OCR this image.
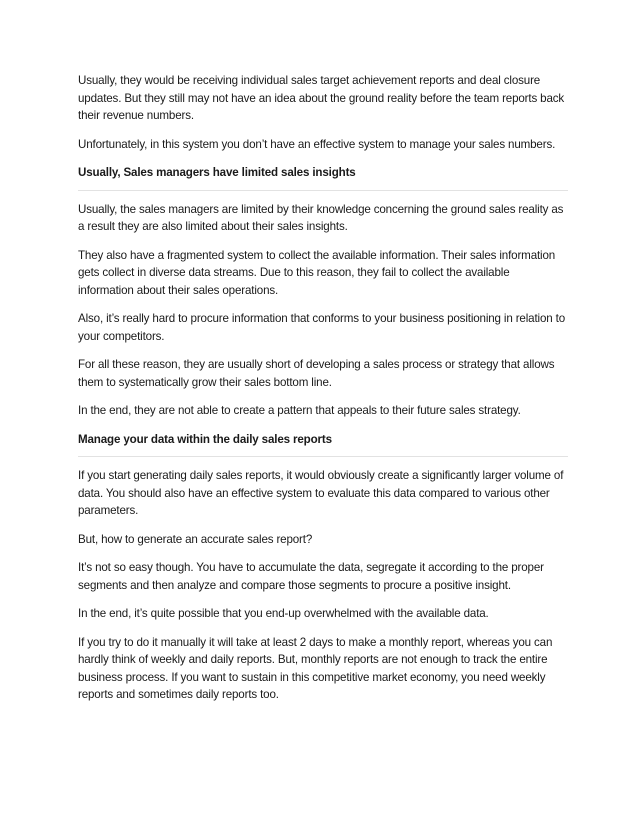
Usually, they would be receiving individual sales target achievement reports and deal closure updates. But they still may not have an idea about the ground reality before the team reports back their revenue numbers.

Unfortunately, in this system you don’t have an effective system to manage your sales numbers.

Usually, Sales managers have limited sales insights

Usually, the sales managers are limited by their knowledge concerning the ground sales reality as a result they are also limited about their sales insights.

They also have a fragmented system to collect the available information. Their sales information gets collect in diverse data streams. Due to this reason, they fail to collect the available information about their sales operations.

Also, it’s really hard to procure information that conforms to your business positioning in relation to your competitors.

For all these reason, they are usually short of developing a sales process or strategy that allows them to systematically grow their sales bottom line.

In the end, they are not able to create a pattern that appeals to their future sales strategy.

Manage your data within the daily sales reports

If you start generating daily sales reports, it would obviously create a significantly larger volume of data. You should also have an effective system to evaluate this data compared to various other parameters.

But, how to generate an accurate sales report?

It’s not so easy though. You have to accumulate the data, segregate it according to the proper segments and then analyze and compare those segments to procure a positive insight.

In the end, it’s quite possible that you end-up overwhelmed with the available data.

If you try to do it manually it will take at least 2 days to make a monthly report, whereas you can hardly think of weekly and daily reports. But, monthly reports are not enough to track the entire business process. If you want to sustain in this competitive market economy, you need weekly reports and sometimes daily reports too.
